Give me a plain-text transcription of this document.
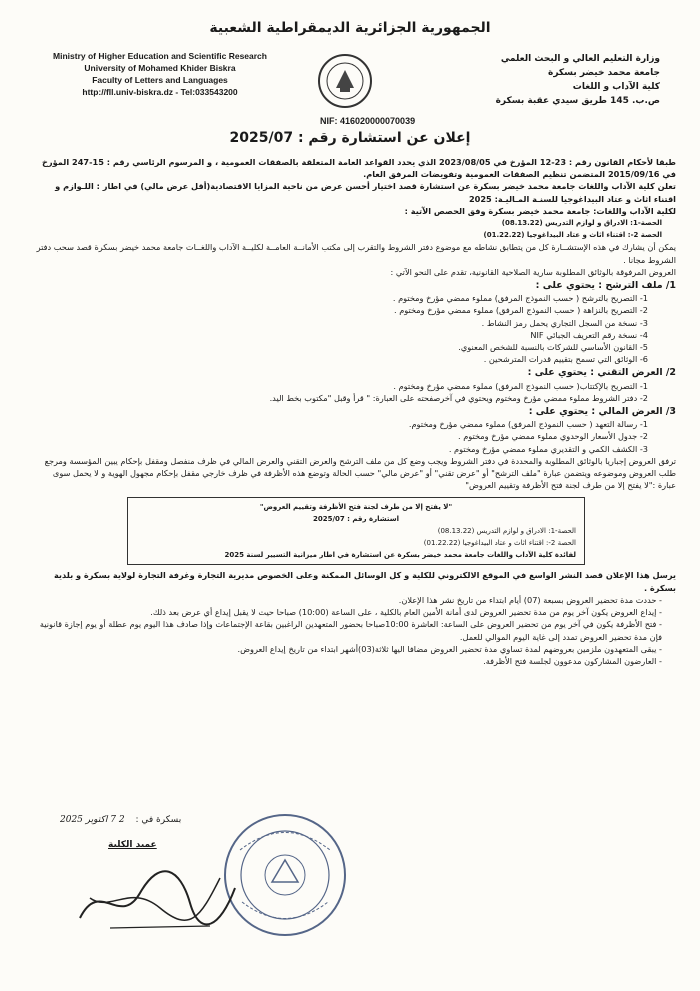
الجمهورية الجزائرية الديمقراطية الشعبية
Ministry of Higher Education and Scientific Research
University of Mohamed Khider Biskra
Faculty of Letters and Languages
http://fll.univ-biskra.dz - Tel:033543200
وزارة التعليم العالي و البحث العلمي
جامعة محمد خيضر بسكرة
كلية الآداب و اللغات
ص.ب. 145 طريق سيدي عقبة بسكرة
NIF: 416020000070039
إعلان عن استشارة رقم : 2025/07

طبقا لأحكام القانون رقم : 23-12 المؤرخ في 2023/08/05 الذي يحدد القواعد العامة المتعلقة بالصفقات العمومية ، و المرسوم الرئاسي رقم : 15-247 المؤرخ في 2015/09/16 المتضمن تنظيم الصفقات العمومية وتفويضات المرفق العام.

تعلن كلية الآداب واللغات جامعة محمد خيضر بسكرة عن استشارة قصد اختيار أحسن عرض من ناحية المزايا الاقتصادية(أقل عرض مالي) في اطار : اللـوازم و اقتناء اثاث و عتاد البيداغوجيا للسنـة المـاليـة: 2025

لكلية الآداب واللغات: جامعة محمد خيضر بسكرة وفق الحصص الآتية :

الحصة-1: الادراق و لوازم التدريس (08.13.22)

الحصة 2-: اقتناء اثاث و عتاد البيداغوجيا (01.22.22)

يمكن أن يشارك في هذه الإستشــارة كل من يتطابق نشاطه مع موضوع دفتر الشروط والتقرب إلى مكتب الأمانــة العامــة لكليــة الآداب واللغــات جامعة محمد خيضر بسكرة قصد سحب دفتر الشروط مجانا .

العروض المرفوقة بالوثائق المطلوبة سارية الصلاحية القانونية، تقدم على النحو الآتي :

1/ ملف الترشح : يحتوي على :

1- التصريح بالترشح ( حسب النموذج المرفق) مملوء ممضي مؤرخ ومختوم .

2- التصريح بالنزاهة ( حسب النموذج المرفق) مملوء ممضي مؤرخ ومختوم .

3- نسخة من السجل التجاري يحمل رمز النشاط .

4- نسخة رقم التعريف الجبائي NIF

5- القانون الأساسي للشركات بالنسبة للشخص المعنوي.

6- الوثائق التي تسمح بتقييم قدرات المترشحين .

2/ العرض التقني : يحتوي على :

1- التصريح بالإكتتاب( حسب النموذج المرفق) مملوء ممضي مؤرخ ومختوم .

2- دفتر الشروط مملوء ممضي مؤرخ ومختوم ويحتوي في آخرصفحته على العبارة: " قرأ وقبل "مكتوب بخط اليد.

3/ العرض المالي : يحتوي على :

1- رسالة التعهد ( حسب النموذج المرفق) مملوء ممضي مؤرخ ومختوم.

2- جدول الأسعار الوحدوي مملوء ممضي مؤرخ ومختوم .

3- الكشف الكمي و التقديري مملوء ممضي مؤرخ ومختوم .

ترفق العروض إجباريا بالوثائق المطلوبة والمحددة في دفتر الشروط ويجب وضع كل من ملف الترشح والعرض التقني والعرض المالي في ظرف منفصل ومقفل بإحكام يبين المؤسسة ومرجع طلب العروض وموضوعه ويتضمن عبارة "ملف الترشح" أو "عرض تقني" أو "عرض مالي" حسب الحالة وتوضع هذه الأظرفة في ظرف خارجي مقفل بإحكام مجهول الهوية و لا يحمل سوى عبارة :"لا يفتح إلا من طرف لجنة فتح الأظرفة وتقييم العروض"

"لا يفتح إلا من طرف لجنة فتح الأظرفة وتقييم العروض"
استشارة رقم : 2025/07
الحصة-1: الادراق و لوازم التدريس (08.13.22)
الحصة 2-: اقتناء اثاث و عتاد البيداغوجيا (01.22.22)
لفائدة كلية الآداب واللغات جامعة محمد خيضر بسكرة عن استشارة في اطار ميزانية التسيير لسنة 2025

يرسل هذا الإعلان قصد النشر الواسع في الموقع الالكتروني للكلية و كل الوسائل الممكنة وعلى الخصوص مديرية التجارة وغرفة التجارة لولاية بسكرة و بلدية بسكرة .

- حددت مدة تحضير العروض بسبعة (07) أيام ابتداء من تاريخ نشر هذا الإعلان.

- إيداع العروض يكون آخر يوم من مدة تحضير العروض لدى أمانة الأمين العام بالكلية ، على الساعة (10:00) صباحا حيث لا يقبل إيداع أي عرض بعد ذلك.

- فتح الأظرفة يكون في آخر يوم من تحضير العروض على الساعة: العاشرة 10:00صباحا بحضور المتعهدين الراغبين بقاعة الإجتماعات وإذا صادف هذا اليوم يوم عطلة أو يوم إجازة قانونية فإن مدة تحضير العروض تمدد إلى غاية اليوم الموالي للعمل.

- يبقى المتعهدون ملزمين بعروضهم لمدة تساوي مدة تحضير العروض مضافا اليها ثلاثة(03)أشهر ابتداء من تاريخ إيداع العروض.

- العارضون المشاركون مدعوون لجلسة فتح الأظرفة.

بسكرة في : 2 7 اكتوبر 2025
عميد الكلية
